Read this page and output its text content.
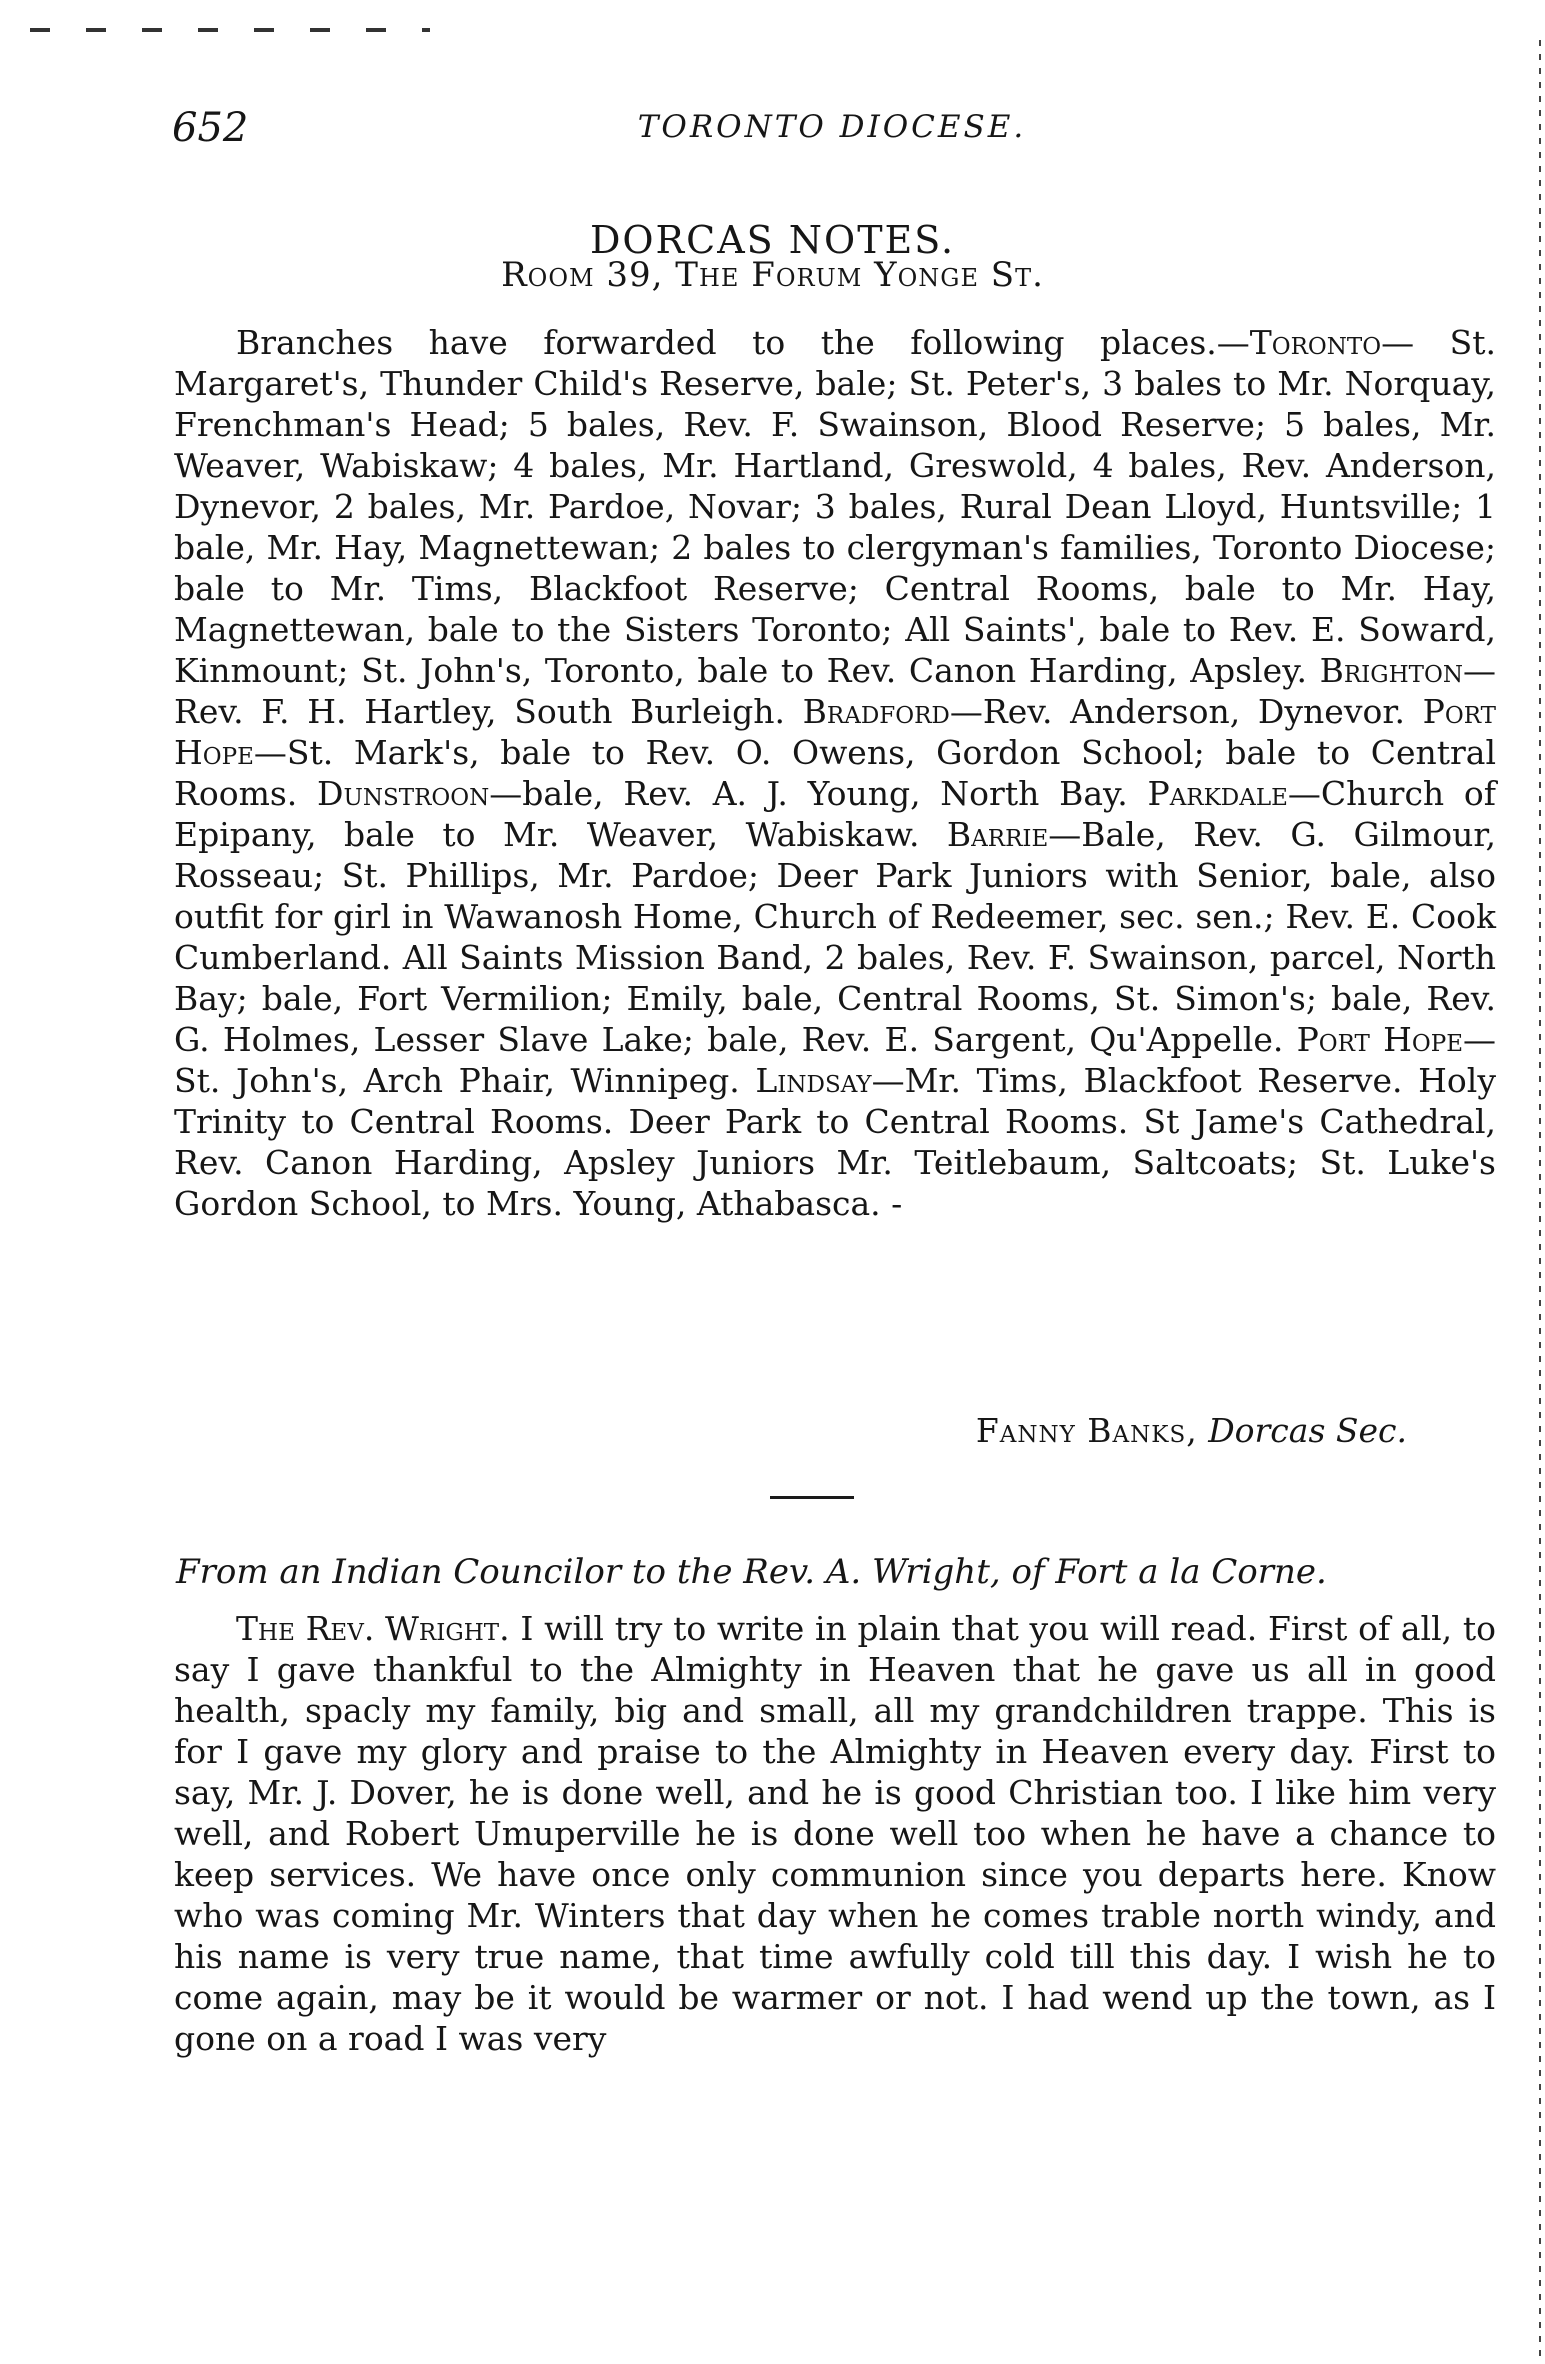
652	TORONTO DIOCESE.
DORCAS NOTES.
Room 39, The Forum Yonge St.

Branches have forwarded to the following places.—Toronto— St. Margaret's, Thunder Child's Reserve, bale; St. Peter's, 3 bales to Mr. Norquay, Frenchman's Head; 5 bales, Rev. F. Swainson, Blood Reserve; 5 bales, Mr. Weaver, Wabiskaw; 4 bales, Mr. Hartland, Greswold, 4 bales, Rev. Anderson, Dynevor, 2 bales, Mr. Pardoe, Novar; 3 bales, Rural Dean Lloyd, Huntsville; 1 bale, Mr. Hay, Magnettewan; 2 bales to clergyman's families, Toronto Diocese; bale to Mr. Tims, Blackfoot Reserve; Central Rooms, bale to Mr. Hay, Magnettewan, bale to the Sisters Toronto; All Saints', bale to Rev. E. Soward, Kinmount; St. John's, Toronto, bale to Rev. Canon Harding, Apsley. Brighton—Rev. F. H. Hartley, South Burleigh. Bradford—Rev. Anderson, Dynevor. Port Hope—St. Mark's, bale to Rev. O. Owens, Gordon School; bale to Central Rooms. Dunstroon—bale, Rev. A. J. Young, North Bay. Parkdale—Church of Epipany, bale to Mr. Weaver, Wabiskaw. Barrie—Bale, Rev. G. Gilmour, Rosseau; St. Phillips, Mr. Pardoe; Deer Park Juniors with Senior, bale, also outfit for girl in Wawanosh Home, Church of Redeemer, sec. sen.; Rev. E. Cook Cumberland. All Saints Mission Band, 2 bales, Rev. F. Swainson, parcel, North Bay; bale, Fort Vermilion; Emily, bale, Central Rooms, St. Simon's; bale, Rev. G. Holmes, Lesser Slave Lake; bale, Rev. E. Sargent, Qu'Appelle. Port Hope—St. John's, Arch Phair, Winnipeg. Lindsay—Mr. Tims, Blackfoot Reserve. Holy Trinity to Central Rooms. Deer Park to Central Rooms. St Jame's Cathedral, Rev. Canon Harding, Apsley Juniors Mr. Teitlebaum, Saltcoats; St. Luke's Gordon School, to Mrs. Young, Athabasca. -

Fanny Banks, Dorcas Sec.
From an Indian Councilor to the Rev. A. Wright, of Fort a la Corne.

The Rev. Wright. I will try to write in plain that you will read. First of all, to say I gave thankful to the Almighty in Heaven that he gave us all in good health, spacly my family, big and small, all my grandchildren trappe. This is for I gave my glory and praise to the Almighty in Heaven every day. First to say, Mr. J. Dover, he is done well, and he is good Christian too. I like him very well, and Robert Umuperville he is done well too when he have a chance to keep services. We have once only communion since you departs here. Know who was coming Mr. Winters that day when he comes trable north windy, and his name is very true name, that time awfully cold till this day. I wish he to come again, may be it would be warmer or not. I had wend up the town, as I gone on a road I was very
